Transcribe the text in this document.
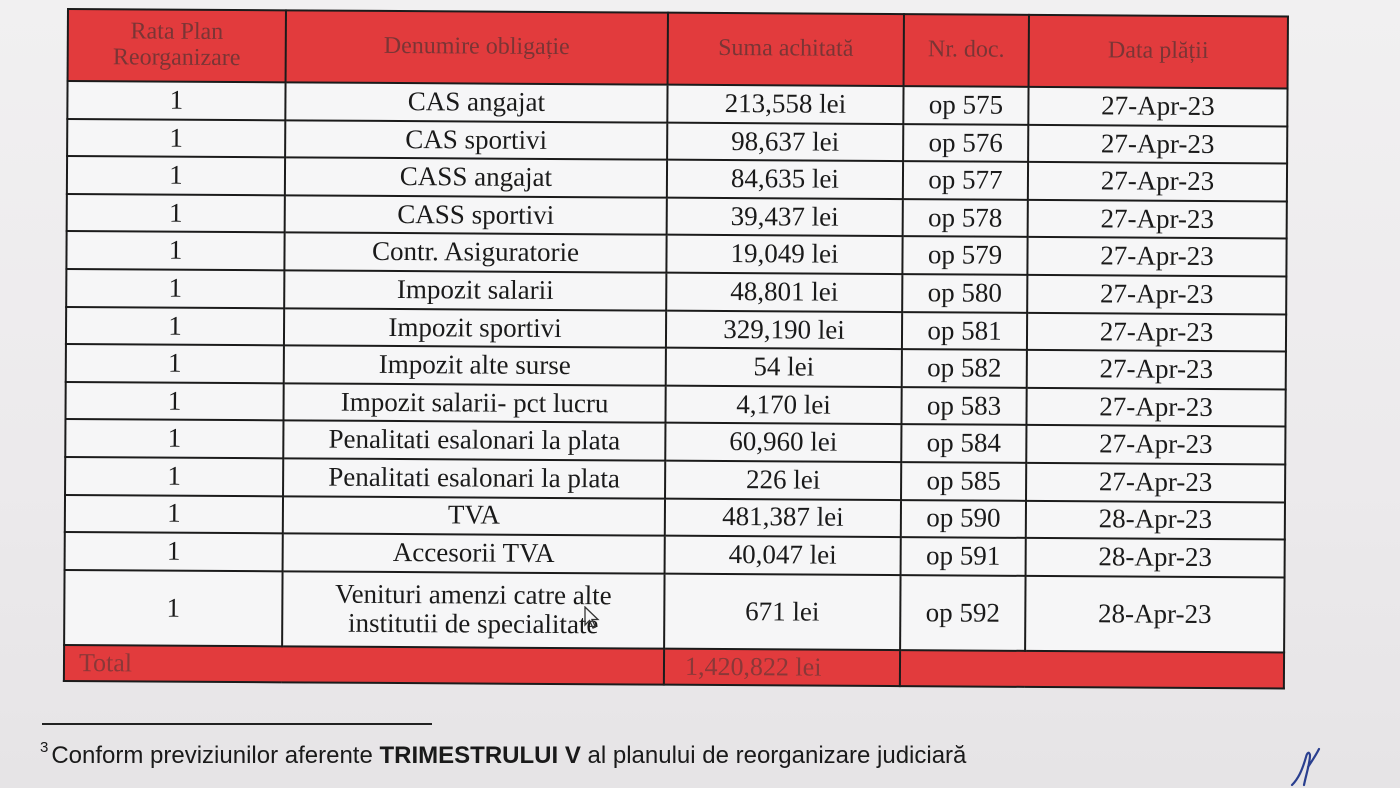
Rata Plan Reorganizare	Denumire obligație	Suma achitată	Nr. doc.	Data plății
1	CAS angajat	213,558 lei	op 575	27-Apr-23
1	CAS sportivi	98,637 lei	op 576	27-Apr-23
1	CASS angajat	84,635 lei	op 577	27-Apr-23
1	CASS sportivi	39,437 lei	op 578	27-Apr-23
1	Contr. Asiguratorie	19,049 lei	op 579	27-Apr-23
1	Impozit salarii	48,801 lei	op 580	27-Apr-23
1	Impozit sportivi	329,190 lei	op 581	27-Apr-23
1	Impozit alte surse	54 lei	op 582	27-Apr-23
1	Impozit salarii- pct lucru	4,170 lei	op 583	27-Apr-23
1	Penalitati esalonari la plata	60,960 lei	op 584	27-Apr-23
1	Penalitati esalonari la plata	226 lei	op 585	27-Apr-23
1	TVA	481,387 lei	op 590	28-Apr-23
1	Accesorii TVA	40,047 lei	op 591	28-Apr-23
1	Venituri amenzi catre alte institutii de specialitate	671 lei	op 592	28-Apr-23
Total		1,420,822 lei		
$^3$ Conform previziunilor aferente TRIMESTRULUI V al planului de reorganizare judiciară
